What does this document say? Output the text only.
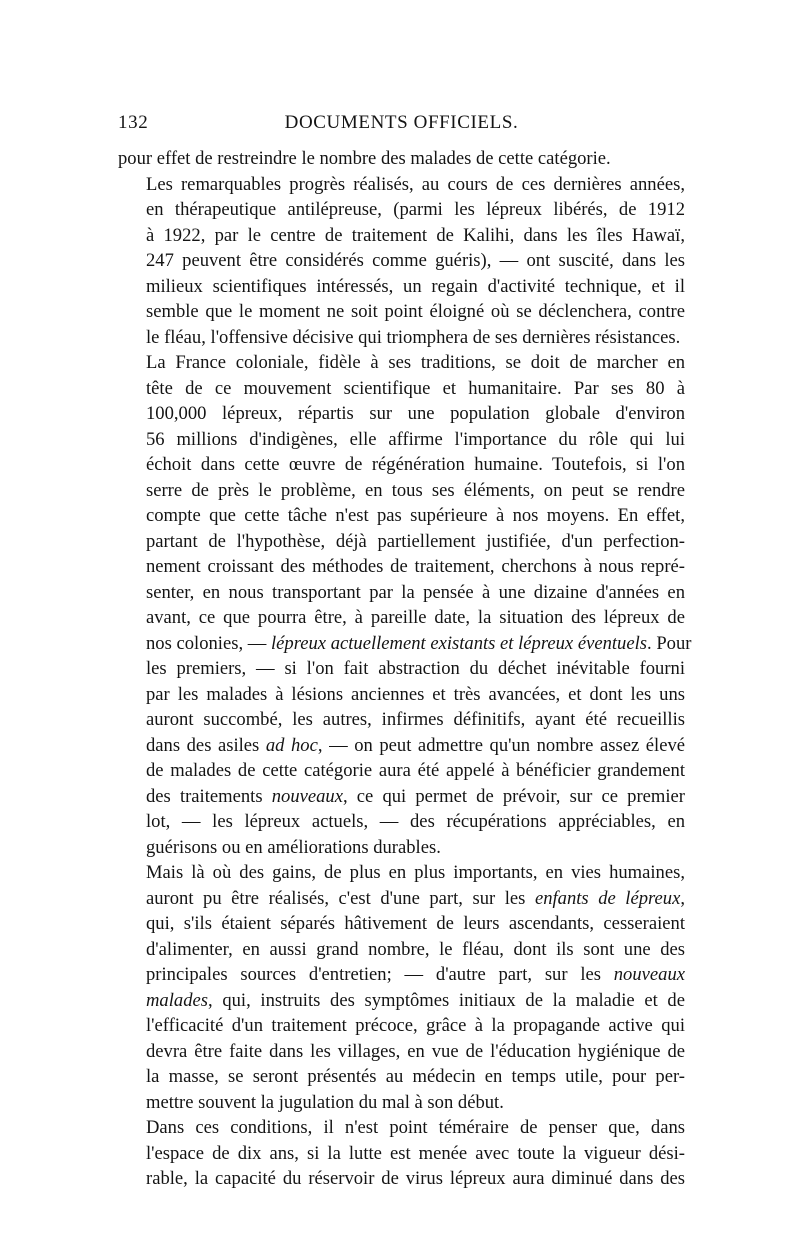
132	DOCUMENTS OFFICIELS.

pour effet de restreindre le nombre des malades de cette catégorie.

Les remarquables progrès réalisés, au cours de ces dernières années,
en thérapeutique antilépreuse, (parmi les lépreux libérés, de 1912
à 1922, par le centre de traitement de Kalihi, dans les îles Hawaï,
247 peuvent être considérés comme guéris), — ont suscité, dans les
milieux scientifiques intéressés, un regain d'activité technique, et il
semble que le moment ne soit point éloigné où se déclenchera, contre
le fléau, l'offensive décisive qui triomphera de ses dernières résistances.

La France coloniale, fidèle à ses traditions, se doit de marcher en
tête de ce mouvement scientifique et humanitaire. Par ses 80 à
100,000 lépreux, répartis sur une population globale d'environ
56 millions d'indigènes, elle affirme l'importance du rôle qui lui
échoit dans cette œuvre de régénération humaine. Toutefois, si l'on
serre de près le problème, en tous ses éléments, on peut se rendre
compte que cette tâche n'est pas supérieure à nos moyens. En effet,
partant de l'hypothèse, déjà partiellement justifiée, d'un perfection-
nement croissant des méthodes de traitement, cherchons à nous repré-
senter, en nous transportant par la pensée à une dizaine d'années en
avant, ce que pourra être, à pareille date, la situation des lépreux de
nos colonies, — lépreux actuellement existants et lépreux éventuels. Pour
les premiers, — si l'on fait abstraction du déchet inévitable fourni
par les malades à lésions anciennes et très avancées, et dont les uns
auront succombé, les autres, infirmes définitifs, ayant été recueillis
dans des asiles ad hoc, — on peut admettre qu'un nombre assez élevé
de malades de cette catégorie aura été appelé à bénéficier grandement
des traitements nouveaux, ce qui permet de prévoir, sur ce premier
lot, — les lépreux actuels, — des récupérations appréciables, en
guérisons ou en améliorations durables.

Mais là où des gains, de plus en plus importants, en vies humaines,
auront pu être réalisés, c'est d'une part, sur les enfants de lépreux,
qui, s'ils étaient séparés hâtivement de leurs ascendants, cesseraient
d'alimenter, en aussi grand nombre, le fléau, dont ils sont une des
principales sources d'entretien; — d'autre part, sur les nouveaux
malades, qui, instruits des symptômes initiaux de la maladie et de
l'efficacité d'un traitement précoce, grâce à la propagande active qui
devra être faite dans les villages, en vue de l'éducation hygiénique de
la masse, se seront présentés au médecin en temps utile, pour per-
mettre souvent la jugulation du mal à son début.

Dans ces conditions, il n'est point téméraire de penser que, dans
l'espace de dix ans, si la lutte est menée avec toute la vigueur dési-
rable, la capacité du réservoir de virus lépreux aura diminué dans des
